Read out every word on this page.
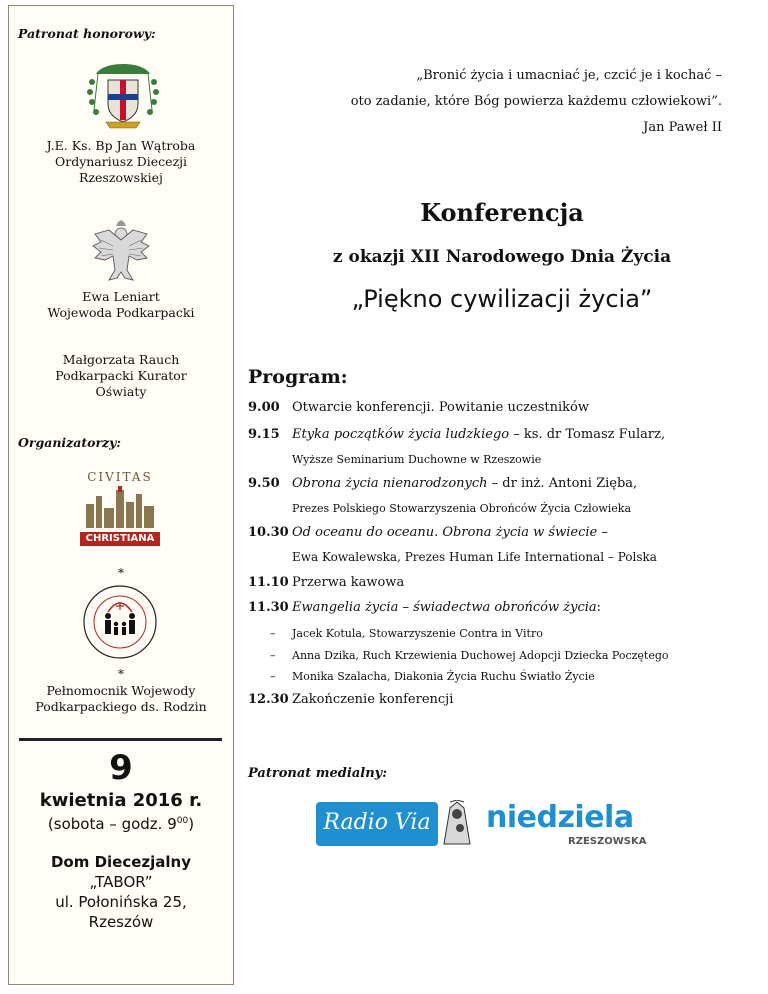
Patronat honorowy:
J.E. Ks. Bp Jan Wątroba
Ordynariusz Diecezji
Rzeszowskiej
Ewa Leniart
Wojewoda Podkarpacki
Małgorzata Rauch
Podkarpacki Kurator
Oświaty
Organizatorzy:
CIVITAS
CHRISTIANA
*
*
Pełnomocnik Wojewody
Podkarpackiego ds. Rodzin
9
kwietnia 2016 r.
(sobota – godz. $9^{00}$)
Dom Diecezjalny
„TABOR”
ul. Połonińska 25,
Rzeszów
„Bronić życia i umacniać je, czcić je i kochać –
oto zadanie, które Bóg powierza każdemu człowiekowi”.
Jan Paweł II
Konferencja
z okazji XII Narodowego Dnia Życia
„Piękno cywilizacji życia”
Program:
9.00 Otwarcie konferencji. Powitanie uczestników
9.15 Etyka początków życia ludzkiego – ks. dr Tomasz Fularz,
Wyższe Seminarium Duchowne w Rzeszowie
9.50 Obrona życia nienarodzonych – dr inż. Antoni Zięba,
Prezes Polskiego Stowarzyszenia Obrońców Życia Człowieka
10.30 Od oceanu do oceanu. Obrona życia w świecie –
Ewa Kowalewska, Prezes Human Life International – Polska
11.10 Przerwa kawowa
11.30 Ewangelia życia – świadectwa obrońców życia:
– Jacek Kotula, Stowarzyszenie Contra in Vitro
– Anna Dzika, Ruch Krzewienia Duchowej Adopcji Dziecka Poczętego
– Monika Szalacha, Diakonia Życia Ruchu Światło Życie
12.30 Zakończenie konferencji
Patronat medialny:
Radio Via niedziela
RZESZOWSKA
